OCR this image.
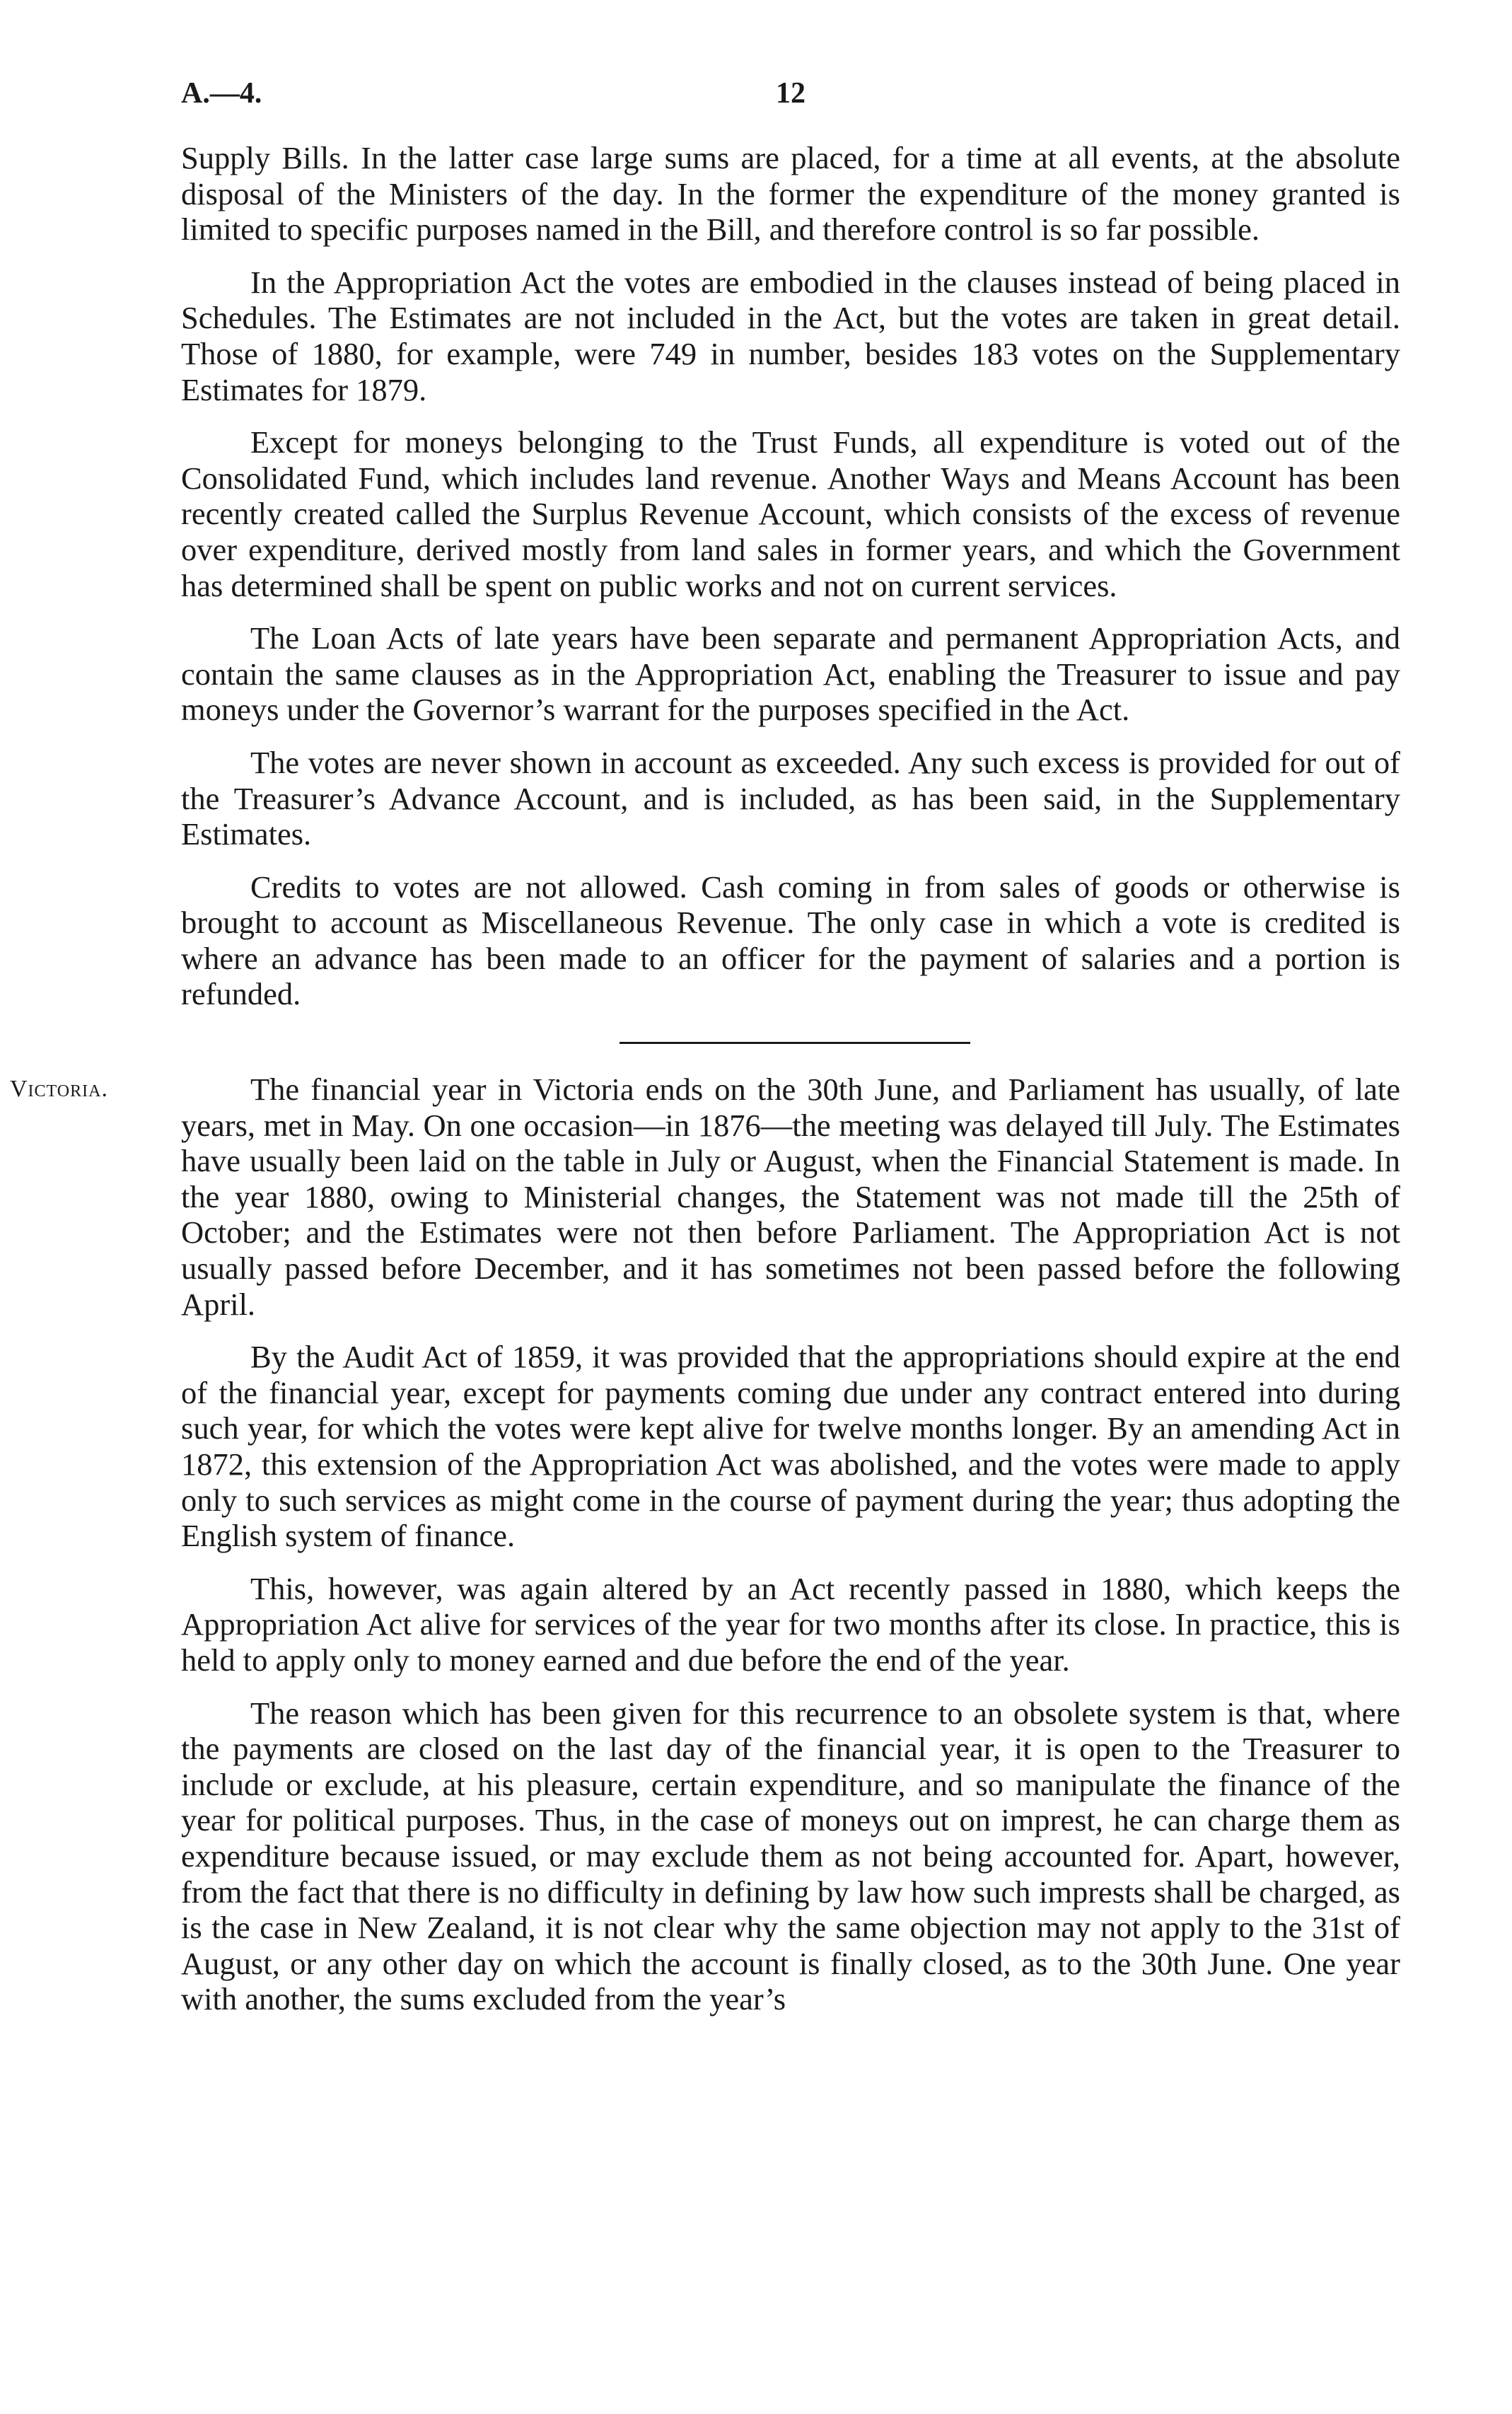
A.—4.	12

Supply Bills. In the latter case large sums are placed, for a time at all events, at the absolute disposal of the Ministers of the day. In the former the expenditure of the money granted is limited to specific purposes named in the Bill, and therefore control is so far possible.

In the Appropriation Act the votes are embodied in the clauses instead of being placed in Schedules. The Estimates are not included in the Act, but the votes are taken in great detail. Those of 1880, for example, were 749 in number, besides 183 votes on the Supplementary Estimates for 1879.

Except for moneys belonging to the Trust Funds, all expenditure is voted out of the Consolidated Fund, which includes land revenue. Another Ways and Means Account has been recently created called the Surplus Revenue Account, which consists of the excess of revenue over expenditure, derived mostly from land sales in former years, and which the Government has determined shall be spent on public works and not on current services.

The Loan Acts of late years have been separate and permanent Appropriation Acts, and contain the same clauses as in the Appropriation Act, enabling the Treasurer to issue and pay moneys under the Governor’s warrant for the purposes specified in the Act.

The votes are never shown in account as exceeded. Any such excess is provided for out of the Treasurer’s Advance Account, and is included, as has been said, in the Supplementary Estimates.

Credits to votes are not allowed. Cash coming in from sales of goods or otherwise is brought to account as Miscellaneous Revenue. The only case in which a vote is credited is where an advance has been made to an officer for the payment of salaries and a portion is refunded.

Victoria.	The financial year in Victoria ends on the 30th June, and Parliament has usually, of late years, met in May. On one occasion—in 1876—the meeting was delayed till July. The Estimates have usually been laid on the table in July or August, when the Financial Statement is made. In the year 1880, owing to Ministerial changes, the Statement was not made till the 25th of October; and the Estimates were not then before Parliament. The Appropriation Act is not usually passed before December, and it has sometimes not been passed before the following April.

By the Audit Act of 1859, it was provided that the appropriations should expire at the end of the financial year, except for payments coming due under any contract entered into during such year, for which the votes were kept alive for twelve months longer. By an amending Act in 1872, this extension of the Appropriation Act was abolished, and the votes were made to apply only to such services as might come in the course of payment during the year; thus adopting the English system of finance.

This, however, was again altered by an Act recently passed in 1880, which keeps the Appropriation Act alive for services of the year for two months after its close. In practice, this is held to apply only to money earned and due before the end of the year.

The reason which has been given for this recurrence to an obsolete system is that, where the payments are closed on the last day of the financial year, it is open to the Treasurer to include or exclude, at his pleasure, certain expenditure, and so manipulate the finance of the year for political purposes. Thus, in the case of moneys out on imprest, he can charge them as expenditure because issued, or may exclude them as not being accounted for. Apart, however, from the fact that there is no difficulty in defining by law how such imprests shall be charged, as is the case in New Zealand, it is not clear why the same objection may not apply to the 31st of August, or any other day on which the account is finally closed, as to the 30th June. One year with another, the sums excluded from the year’s
